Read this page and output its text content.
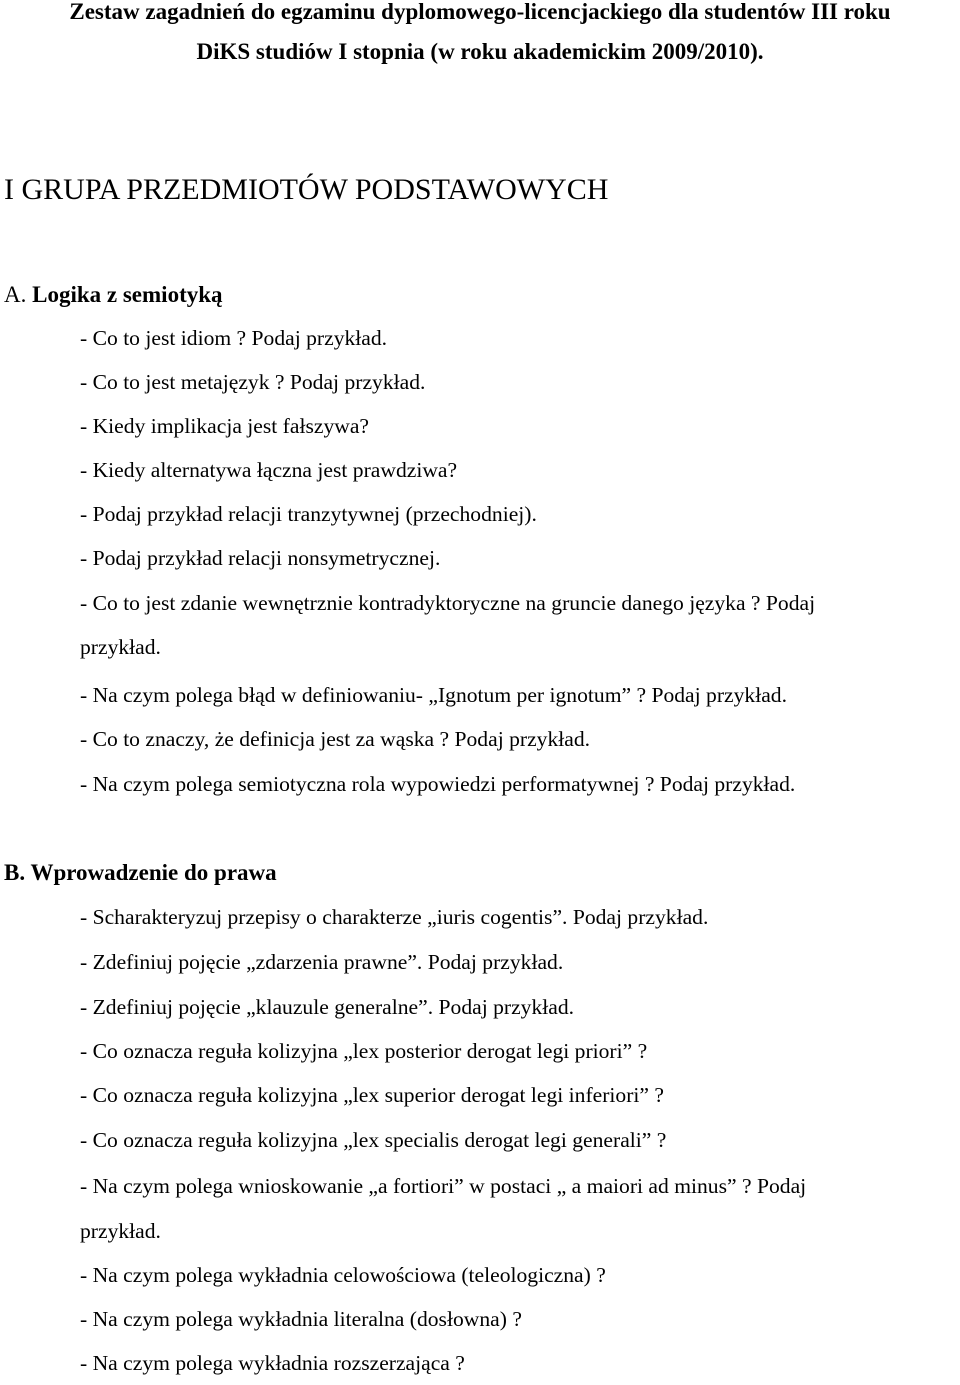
Zestaw zagadnień do egzaminu dyplomowego-licencjackiego dla studentów III roku
DiKS studiów I stopnia (w roku akademickim 2009/2010).
I GRUPA PRZEDMIOTÓW PODSTAWOWYCH
A. Logika z semiotyką

- Co to jest idiom ? Podaj przykład.

- Co to jest metajęzyk ? Podaj przykład.

- Kiedy implikacja jest fałszywa?

- Kiedy alternatywa łączna jest prawdziwa?

- Podaj przykład relacji tranzytywnej (przechodniej).

- Podaj przykład relacji nonsymetrycznej.

- Co to jest zdanie wewnętrznie kontradyktoryczne na gruncie danego języka ? Podaj

przykład.

- Na czym polega błąd w definiowaniu- „Ignotum per ignotum” ? Podaj przykład.

- Co to znaczy, że definicja jest za wąska ? Podaj przykład.

- Na czym polega semiotyczna rola wypowiedzi performatywnej ? Podaj przykład.

B. Wprowadzenie do prawa

- Scharakteryzuj przepisy o charakterze „iuris cogentis”. Podaj przykład.

- Zdefiniuj pojęcie „zdarzenia prawne”. Podaj przykład.

- Zdefiniuj pojęcie „klauzule generalne”. Podaj przykład.

- Co oznacza reguła kolizyjna „lex posterior derogat legi priori” ?

- Co oznacza reguła kolizyjna „lex superior derogat legi inferiori” ?

- Co oznacza reguła kolizyjna „lex specialis derogat legi generali” ?

- Na czym polega wnioskowanie „a fortiori” w postaci „ a maiori ad minus” ? Podaj

przykład.

- Na czym polega wykładnia celowościowa (teleologiczna) ?

- Na czym polega wykładnia literalna (dosłowna) ?

- Na czym polega wykładnia rozszerzająca ?
